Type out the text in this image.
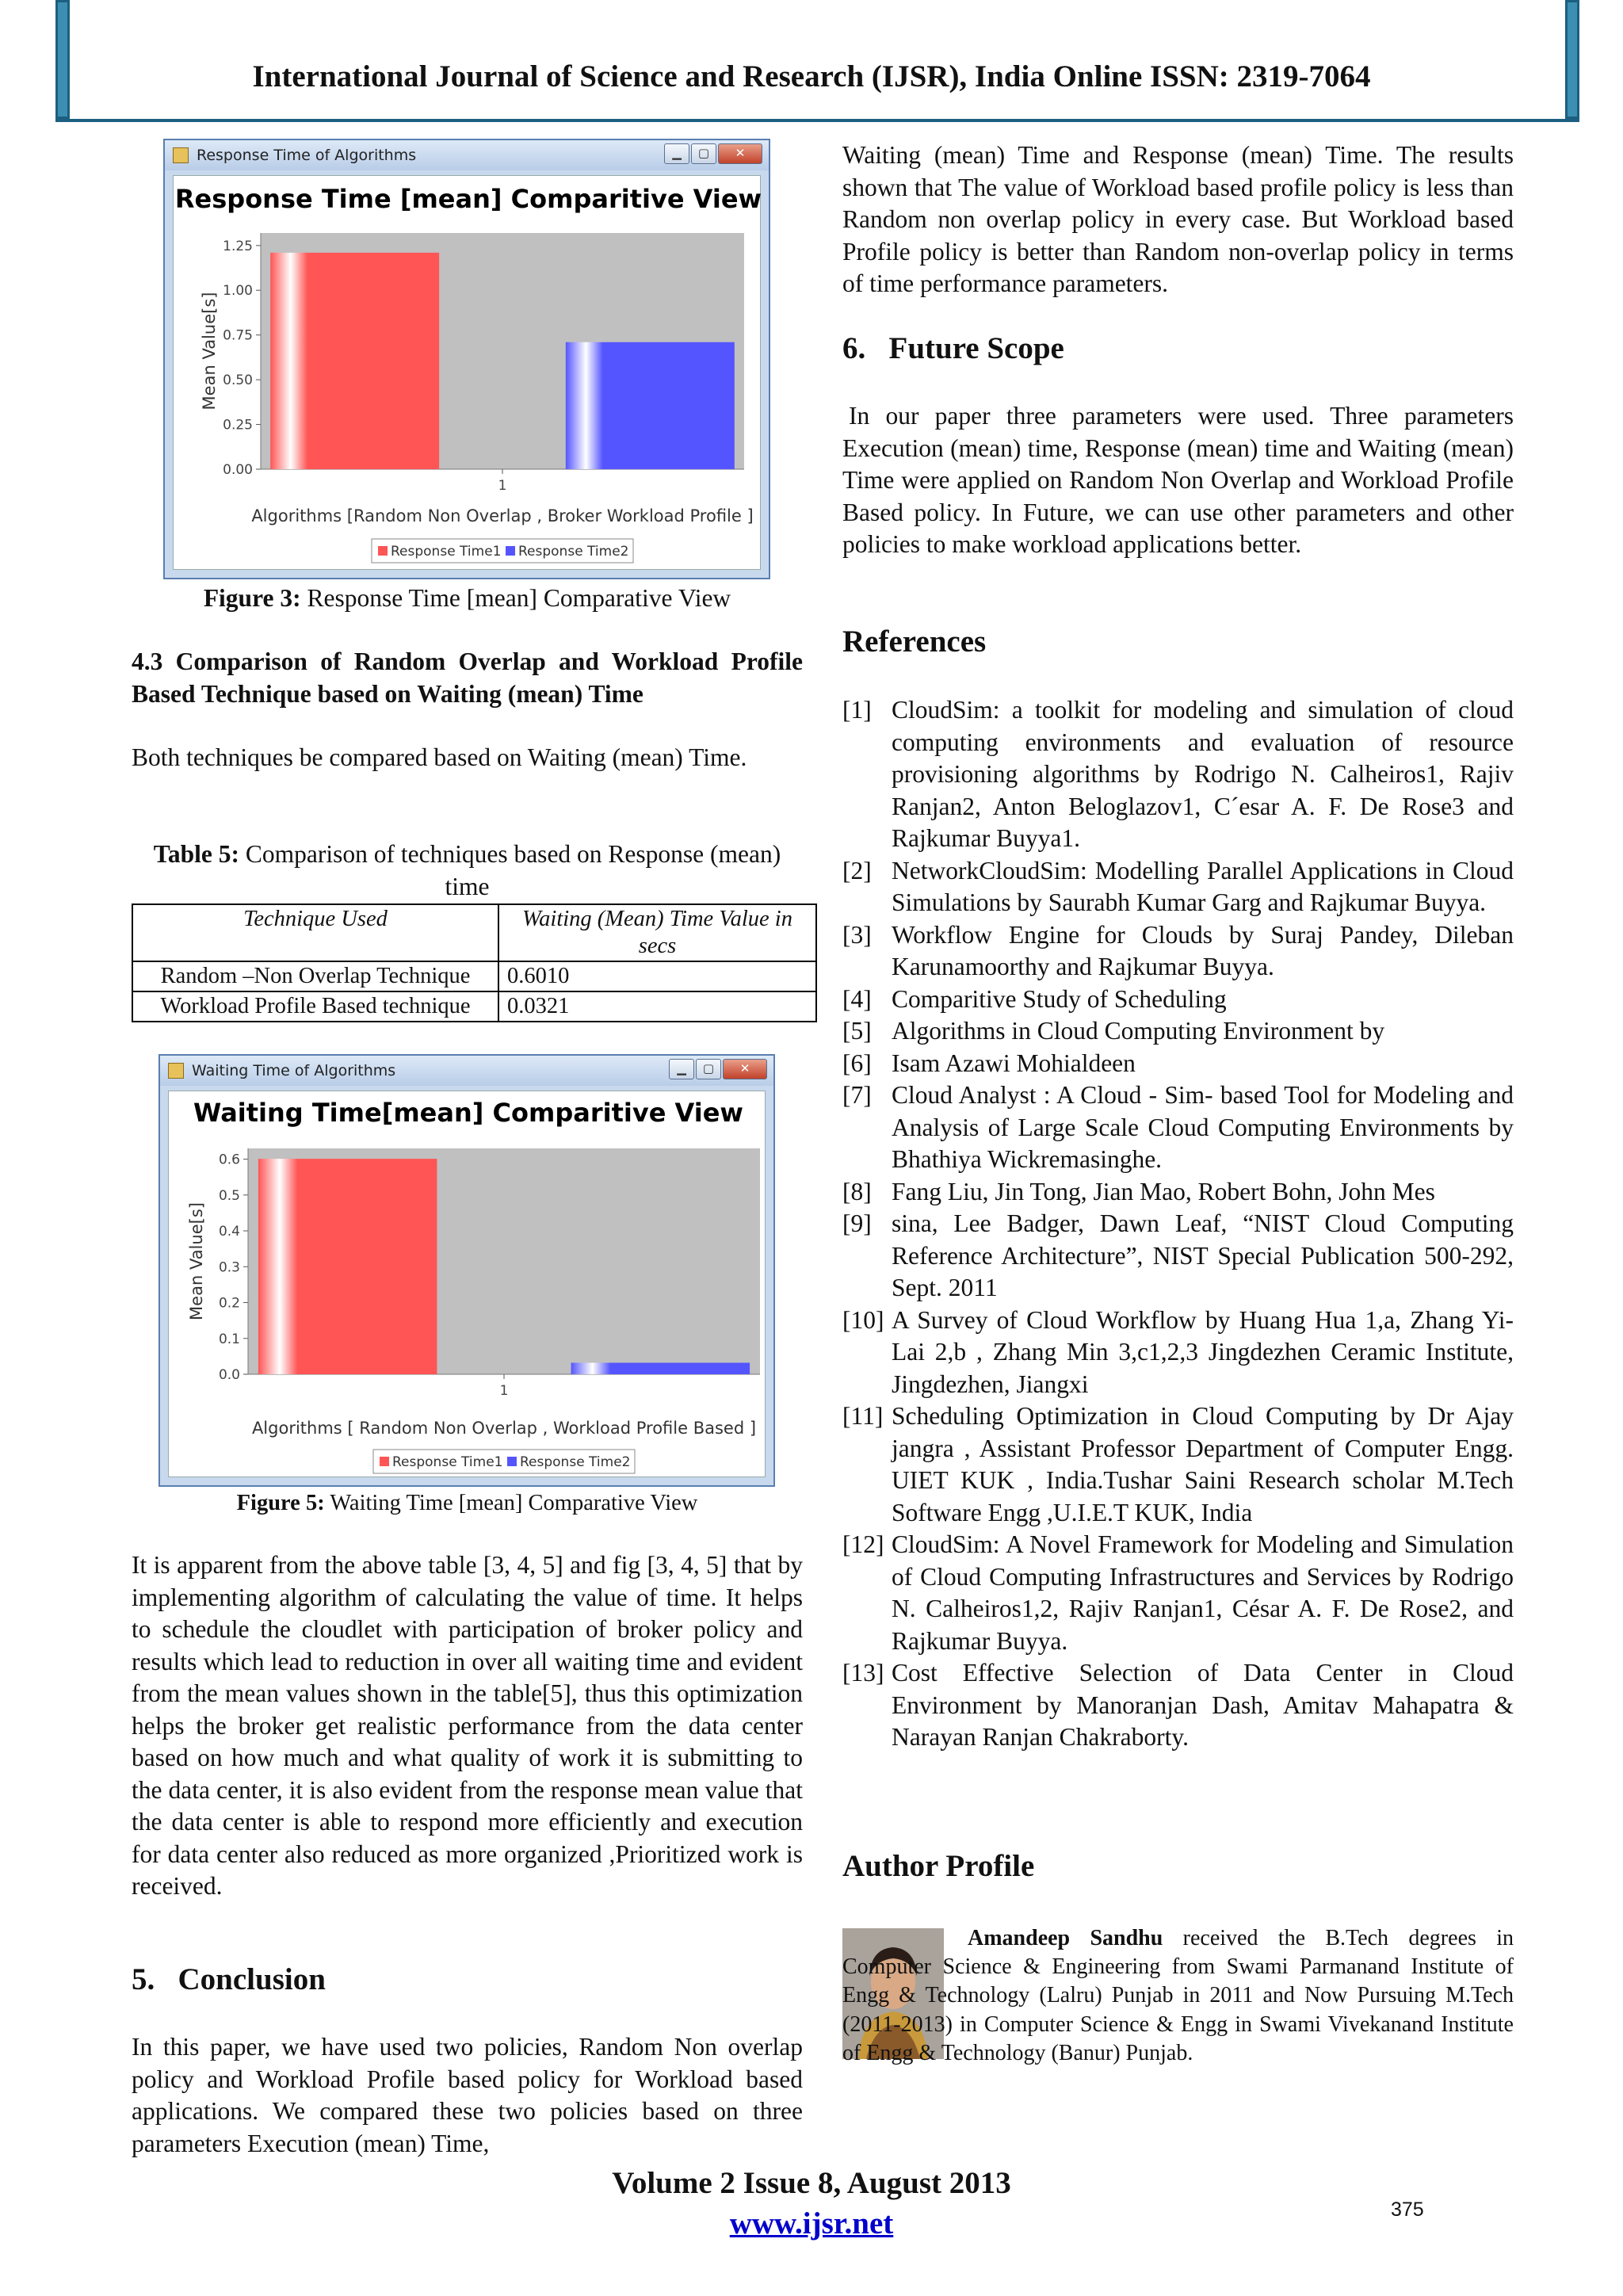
International Journal of Science and Research (IJSR), India Online ISSN: 2319-7064
Response Time of Algorithms	▁	▢	✕
Response Time [mean] Comparitive View
0.00
0.25
0.50
0.75
1.00
1.25
1
Algorithms [Random Non Overlap , Broker Workload Profile ]
Mean Value[s]
Response Time1 Response Time2
Figure 3: Response Time [mean] Comparative View
4.3 Comparison of Random Overlap and Workload Profile Based Technique based on Waiting (mean) Time
Both techniques be compared based on Waiting (mean) Time.
Table 5: Comparison of techniques based on Response (mean) time
Technique Used	Waiting (Mean) Time Value in secs
Random –Non Overlap Technique	0.6010
Workload Profile Based technique	0.0321
Waiting Time of Algorithms	▁	▢	✕
Waiting Time[mean] Comparitive View
0.0
0.1
0.2
0.3
0.4
0.5
0.6
1
Algorithms [ Random Non Overlap , Workload Profile Based ]
Mean Value[s]
Response Time1 Response Time2
Figure 5: Waiting Time [mean] Comparative View
It is apparent from the above table [3, 4, 5] and fig [3, 4, 5] that by implementing algorithm of calculating the value of time. It helps to schedule the cloudlet with participation of broker policy and results which lead to reduction in over all waiting time and evident from the mean values shown in the table[5], thus this optimization helps the broker get realistic performance from the data center based on how much and what quality of work it is submitting to the data center, it is also evident from the response mean value that the data center is able to respond more efficiently and execution for data center also reduced as more organized ,Prioritized work is received.
5.   Conclusion
In this paper, we have used two policies, Random Non overlap policy and Workload Profile based policy for Workload based applications. We compared these two policies based on three parameters Execution (mean) Time,
Waiting (mean) Time and Response (mean) Time. The results shown that The value of Workload based profile policy is less than Random non overlap policy in every case. But Workload based Profile policy is better than Random non-overlap policy in terms of time performance parameters.
6.   Future Scope
In our paper three parameters were used. Three parameters Execution (mean) time, Response (mean) time and Waiting (mean) Time were applied on Random Non Overlap and Workload Profile Based policy. In Future, we can use other parameters and other policies to make workload applications better.
References
[1] CloudSim: a toolkit for modeling and simulation of cloud computing environments and evaluation of resource provisioning algorithms by Rodrigo N. Calheiros1, Rajiv Ranjan2, Anton Beloglazov1, C´esar A. F. De Rose3 and Rajkumar Buyya1.
[2] NetworkCloudSim: Modelling Parallel Applications in Cloud Simulations by Saurabh Kumar Garg and Rajkumar Buyya.
[3] Workflow Engine for Clouds by Suraj Pandey, Dileban Karunamoorthy and Rajkumar Buyya.
[4] Comparitive Study of Scheduling
[5] Algorithms in Cloud Computing Environment by
[6] Isam Azawi Mohialdeen
[7] Cloud Analyst : A Cloud - Sim- based Tool for Modeling and Analysis of Large Scale Cloud Computing Environments by Bhathiya Wickremasinghe.
[8] Fang Liu, Jin Tong, Jian Mao, Robert Bohn, John Mes
[9] sina, Lee Badger, Dawn Leaf, “NIST Cloud Computing Reference Architecture”, NIST Special Publication 500-292, Sept. 2011
[10] A Survey of Cloud Workflow by Huang Hua 1,a, Zhang Yi-Lai 2,b , Zhang Min 3,c1,2,3 Jingdezhen Ceramic Institute, Jingdezhen, Jiangxi
[11] Scheduling Optimization in Cloud Computing by Dr Ajay jangra , Assistant Professor Department of Computer Engg. UIET KUK , India.Tushar Saini Research scholar M.Tech Software Engg ,U.I.E.T KUK, India
[12] CloudSim: A Novel Framework for Modeling and Simulation of Cloud Computing Infrastructures and Services by Rodrigo N. Calheiros1,2, Rajiv Ranjan1, César A. F. De Rose2, and Rajkumar Buyya.
[13] Cost Effective Selection of Data Center in Cloud Environment by Manoranjan Dash, Amitav Mahapatra & Narayan Ranjan Chakraborty.
Author Profile
Amandeep Sandhu received the B.Tech degrees in Computer Science & Engineering from Swami Parmanand Institute of Engg & Technology (Lalru) Punjab in 2011 and Now Pursuing M.Tech (2011-2013) in Computer Science & Engg in Swami Vivekanand Institute of Engg & Technology (Banur) Punjab.
Volume 2 Issue 8, August 2013
www.ijsr.net	375
